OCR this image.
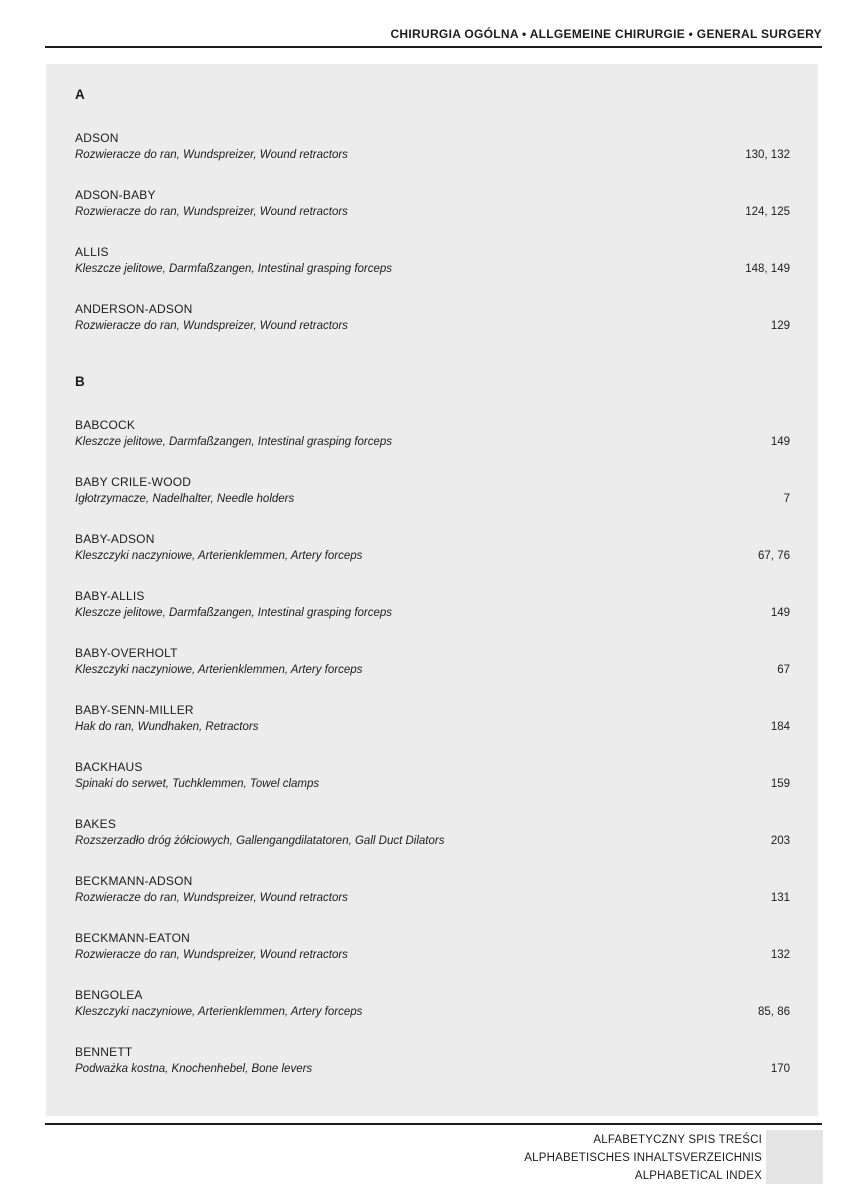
CHIRURGIA OGÓLNA • ALLGEMEINE CHIRURGIE • GENERAL SURGERY
A
ADSON
Rozwieracze do ran, Wundspreizer, Wound retractors	130, 132
ADSON-BABY
Rozwieracze do ran, Wundspreizer, Wound retractors	124, 125
ALLIS
Kleszcze jelitowe, Darmfaßzangen, Intestinal grasping forceps	148, 149
ANDERSON-ADSON
Rozwieracze do ran, Wundspreizer, Wound retractors	129
B
BABCOCK
Kleszcze jelitowe, Darmfaßzangen, Intestinal grasping forceps	149
BABY CRILE-WOOD
Igłotrzymacze, Nadelhalter, Needle holders	7
BABY-ADSON
Kleszczyki naczyniowe, Arterienklemmen, Artery forceps	67, 76
BABY-ALLIS
Kleszcze jelitowe, Darmfaßzangen, Intestinal grasping forceps	149
BABY-OVERHOLT
Kleszczyki naczyniowe, Arterienklemmen, Artery forceps	67
BABY-SENN-MILLER
Hak do ran, Wundhaken, Retractors	184
BACKHAUS
Spinaki do serwet, Tuchklemmen, Towel clamps	159
BAKES
Rozszerzadło dróg żółciowych, Gallengangdilatatoren, Gall Duct Dilators	203
BECKMANN-ADSON
Rozwieracze do ran, Wundspreizer, Wound retractors	131
BECKMANN-EATON
Rozwieracze do ran, Wundspreizer, Wound retractors	132
BENGOLEA
Kleszczyki naczyniowe, Arterienklemmen, Artery forceps	85, 86
BENNETT
Podważka kostna, Knochenhebel, Bone levers	170
ALFABETYCZNY SPIS TREŚCI
ALPHABETISCHES INHALTSVERZEICHNIS
ALPHABETICAL INDEX
